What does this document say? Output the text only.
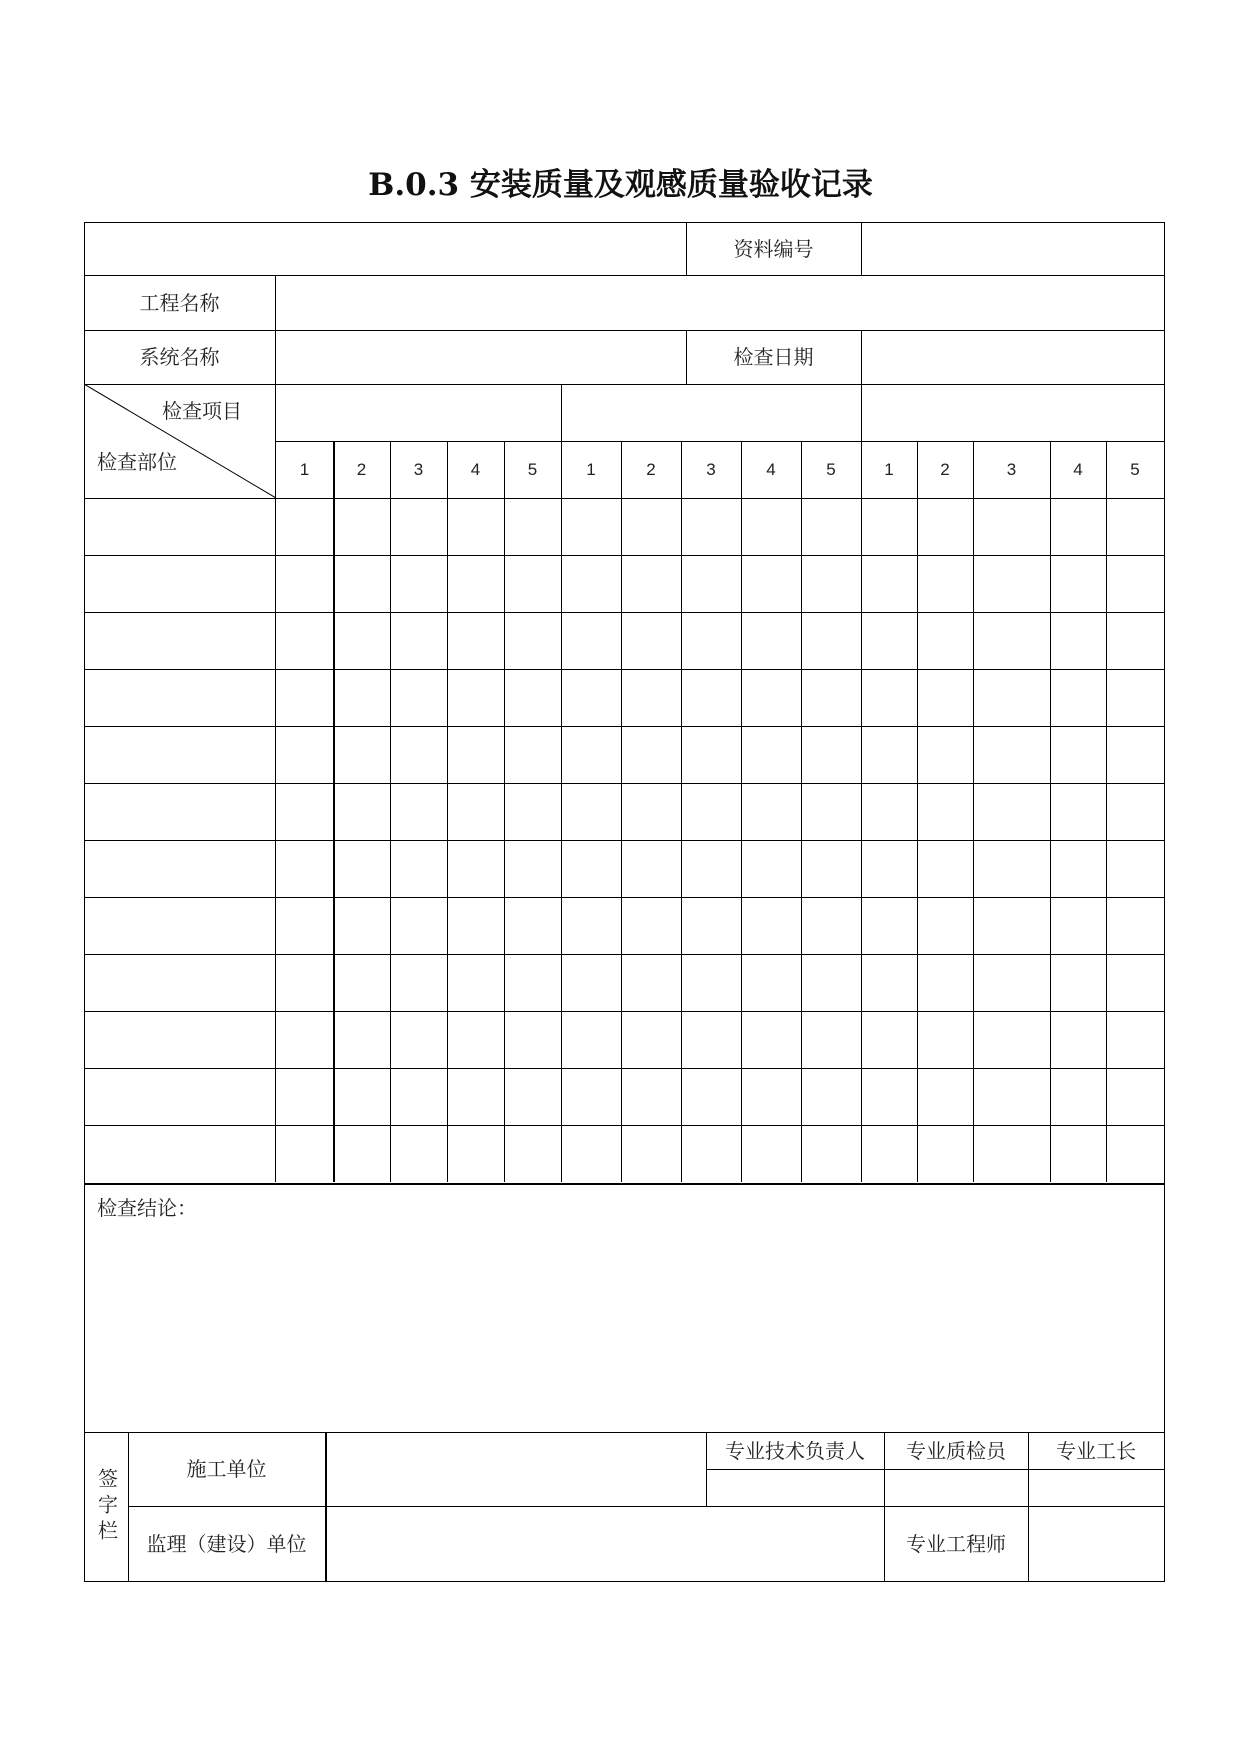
B.0.3 安装质量及观感质量验收记录
资料编号
工程名称
系统名称	检查日期
检查项目
检查部位	1	2	3	4	5	1	2	3	4	5	1	2	3	4	5
检查结论：
签字栏	施工单位
专业技术负责人	专业质检员	专业工长
监理（建设）单位	专业工程师
